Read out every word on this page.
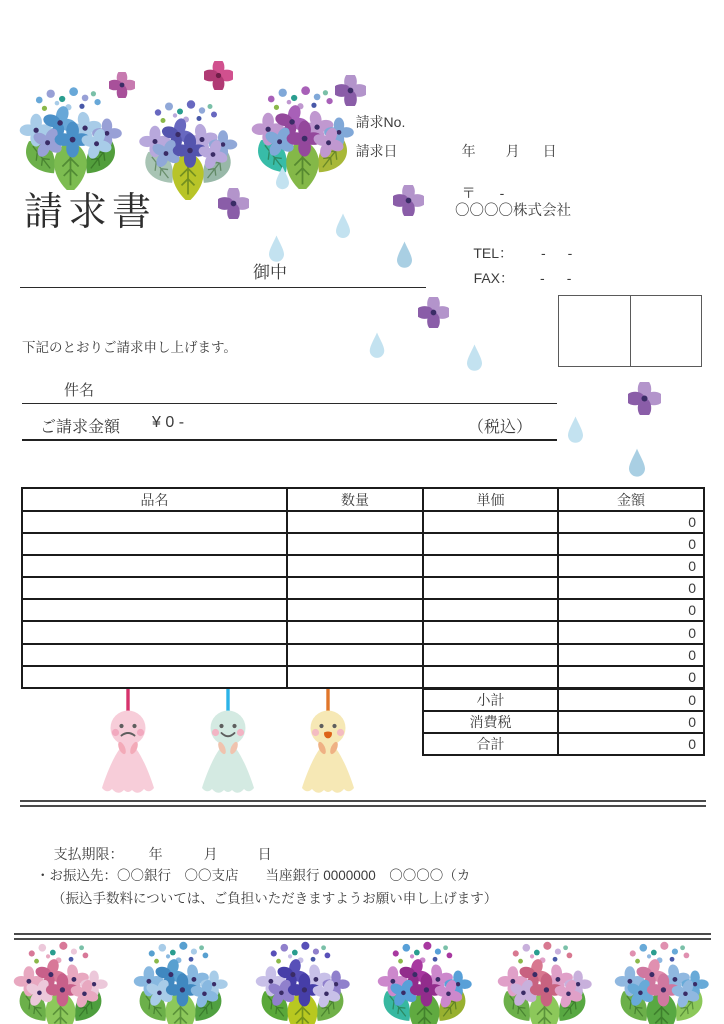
請求No.

請求日	年 月 日

〒 -

〇〇〇〇株式会社

TEL： - -

FAX： - -

請求書
御中
下記のとおりご請求申し上げます。
件名
ご請求金額 ¥ 0 -	（税込）
品名	数量	単価	金額
			0
			0
			0
			0
			0
			0
			0
			0
小計	0
消費税	0
合計	0

支払期限： 年	月	日

・お振込先：〇〇銀行　〇〇支店　　当座銀行 0000000　〇〇〇〇（カ
（振込手数料については、ご負担いただきますようお願い申し上げます）
